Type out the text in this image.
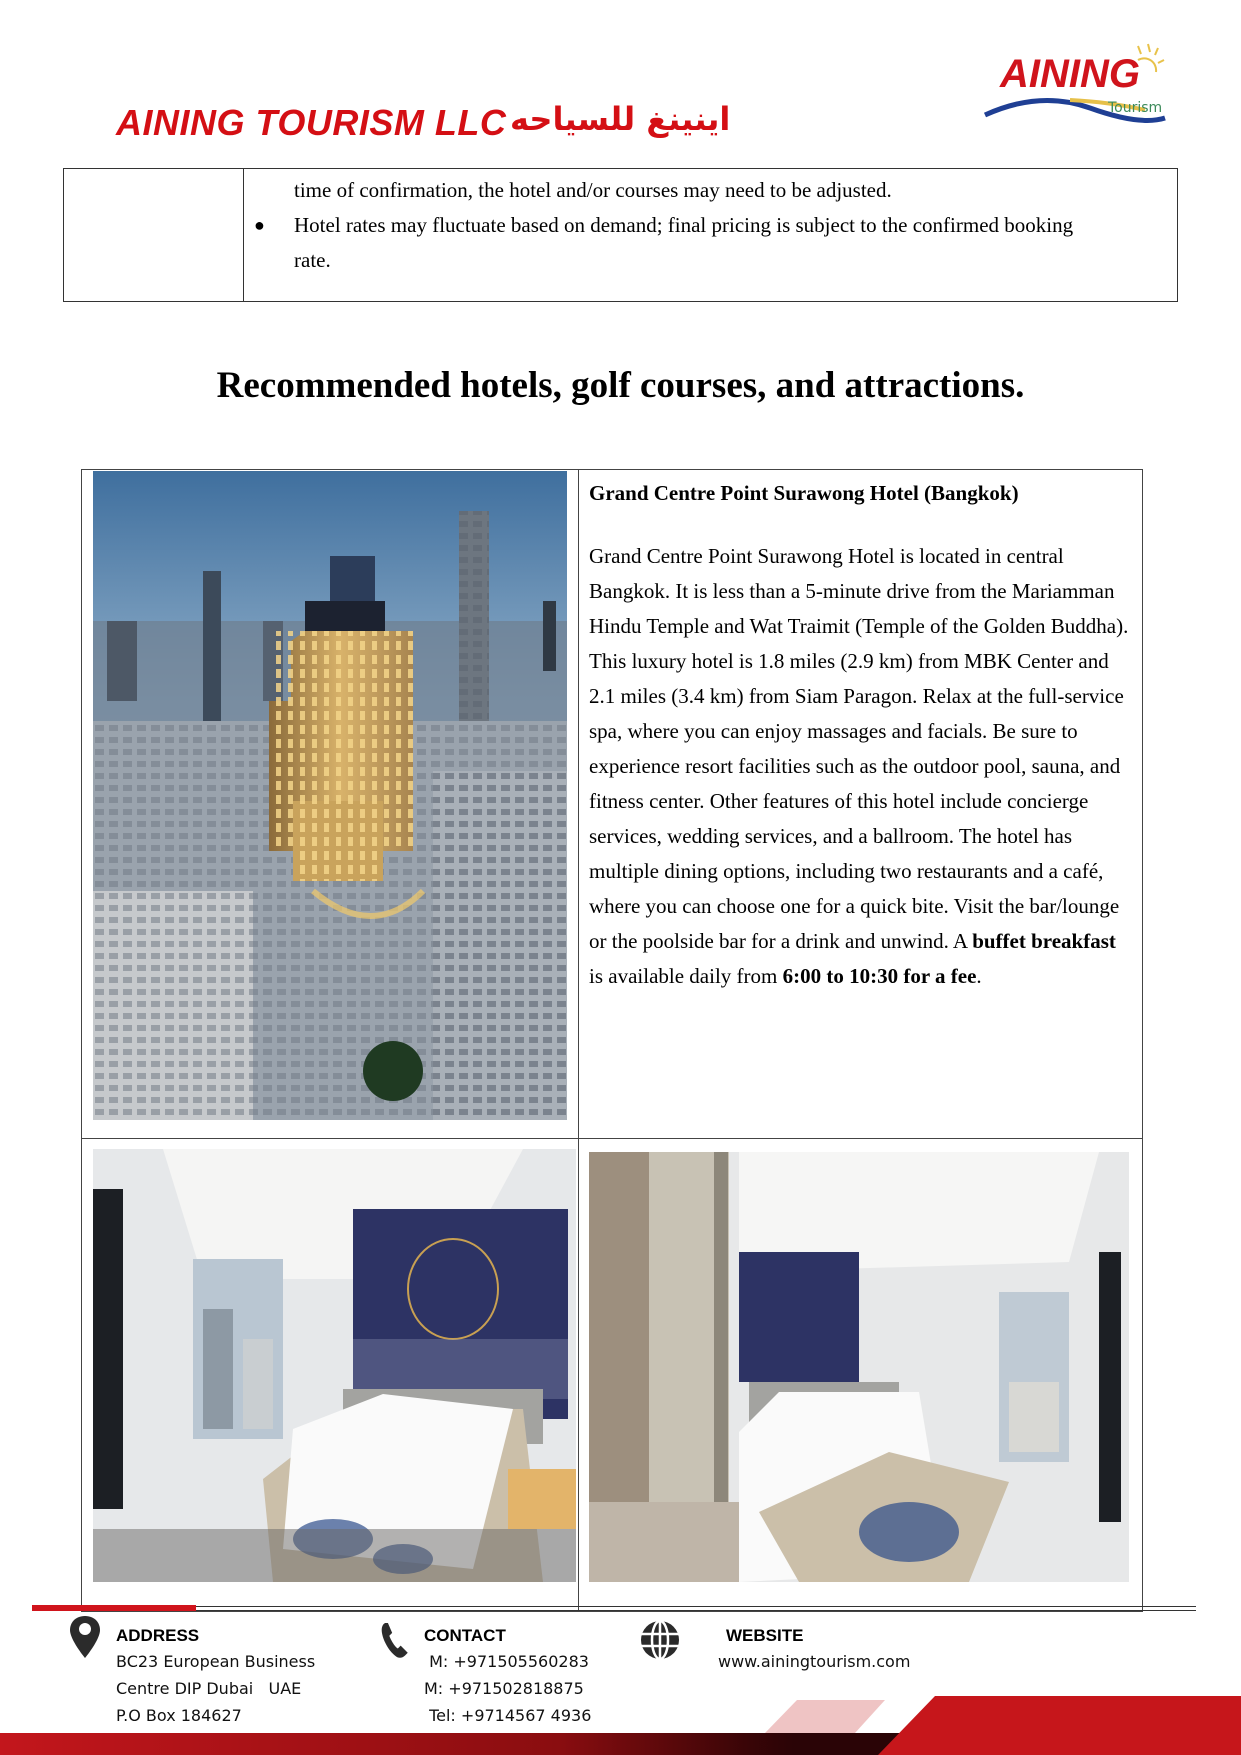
AINING TOURISM LLC اينينغ للسياحه
AINING
Tourism
●
time of confirmation, the hotel and/or courses may need to be adjusted.
Hotel rates may fluctuate based on demand; final pricing is subject to the confirmed booking
rate.
Recommended hotels, golf courses, and attractions.
Grand Centre Point Surawong Hotel (Bangkok)
Grand Centre Point Surawong Hotel is located in central Bangkok. It is less than a 5-minute drive from the Mariamman Hindu Temple and Wat Traimit (Temple of the Golden Buddha). This luxury hotel is 1.8 miles (2.9 km) from MBK Center and 2.1 miles (3.4 km) from Siam Paragon. Relax at the full-service spa, where you can enjoy massages and facials. Be sure to experience resort facilities such as the outdoor pool, sauna, and fitness center. Other features of this hotel include concierge services, wedding services, and a ballroom. The hotel has multiple dining options, including two restaurants and a café, where you can choose one for a quick bite. Visit the bar/lounge or the poolside bar for a drink and unwind. A buffet breakfast is available daily from 6:00 to 10:30 for a fee.
ADDRESS
BC23 European Business
Centre DIP Dubai   UAE
P.O Box 184627
CONTACT
M: +971505560283
M: +971502818875
Tel: +9714567 4936
WEBSITE
www.ainingtourism.com
